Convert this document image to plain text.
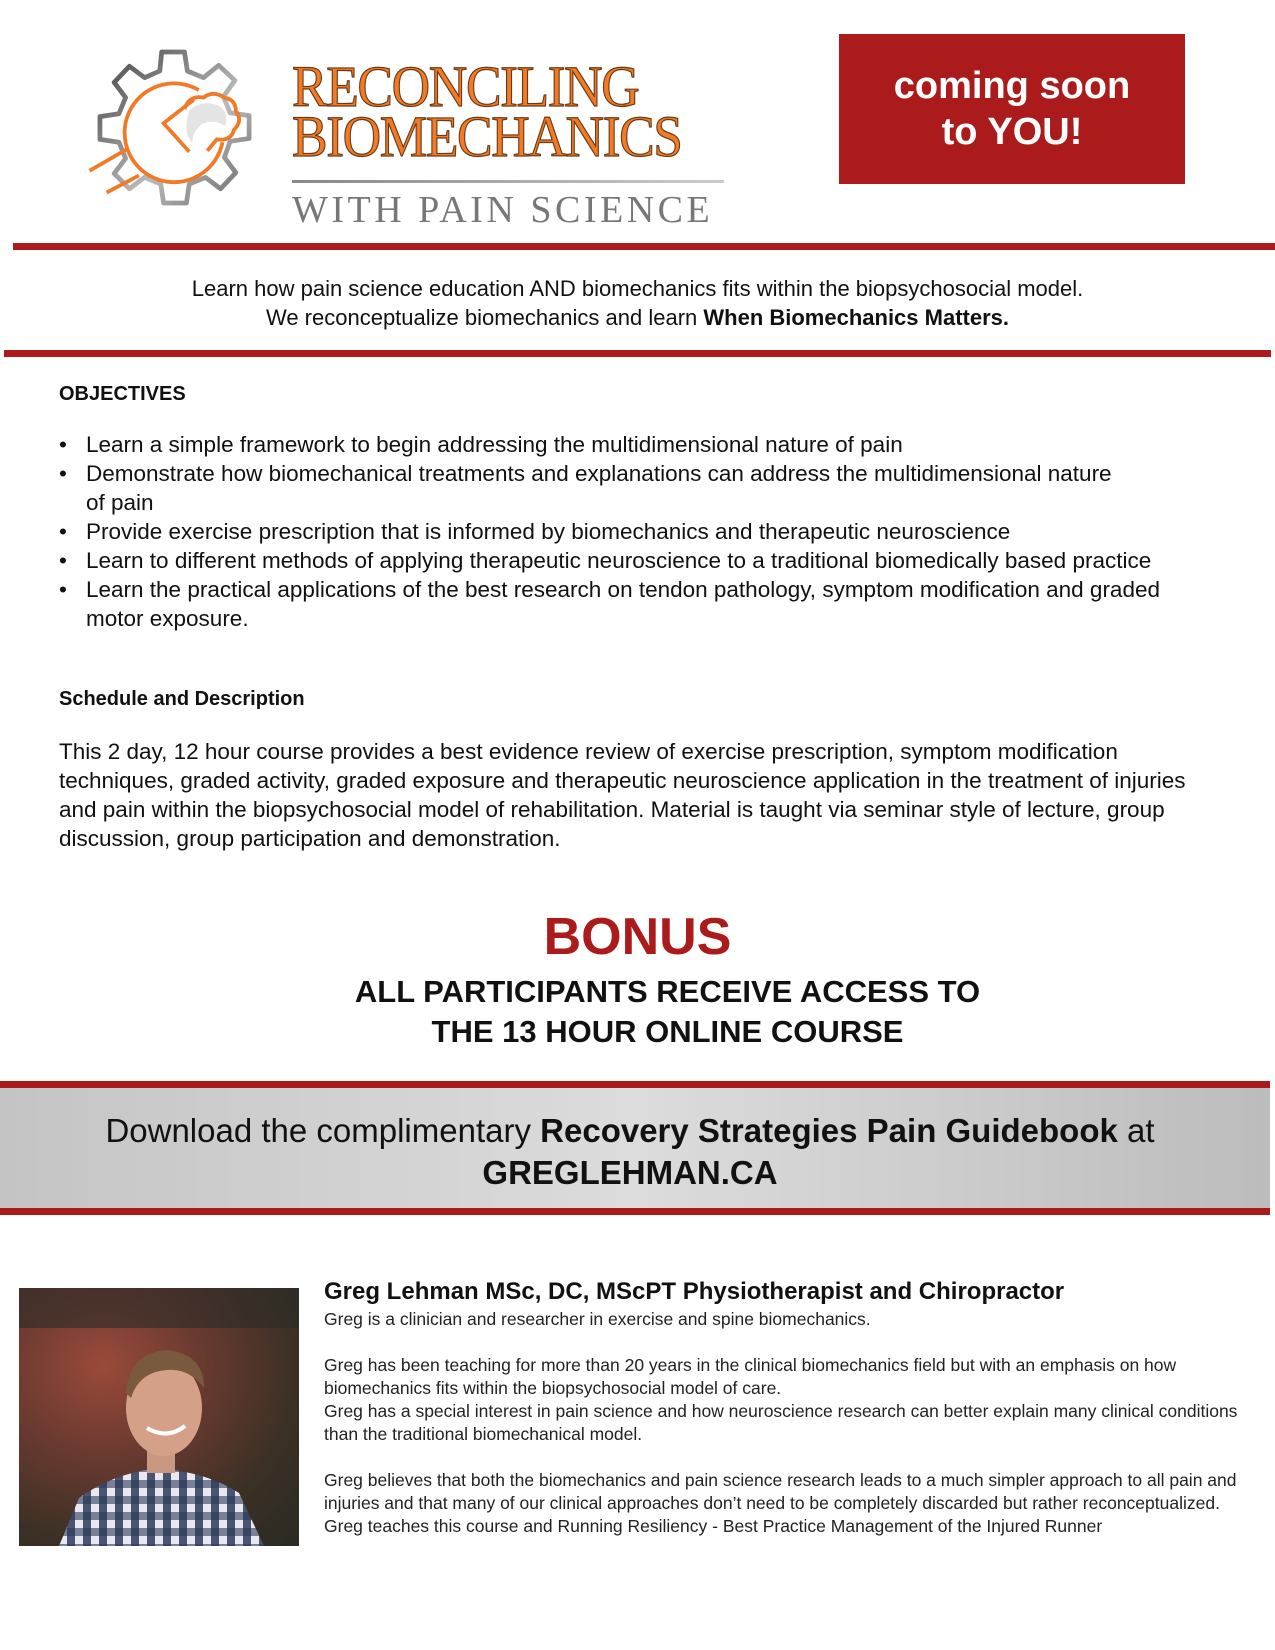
RECONCILING
BIOMECHANICS
WITH PAIN SCIENCE
coming soon
to YOU!
Learn how pain science education AND biomechanics fits within the biopsychosocial model.
We reconceptualize biomechanics and learn When Biomechanics Matters.
OBJECTIVES
• Learn a simple framework to begin addressing the multidimensional nature of pain
• Demonstrate how biomechanical treatments and explanations can address the multidimensional nature of pain
• Provide exercise prescription that is informed by biomechanics and therapeutic neuroscience
• Learn to different methods of applying therapeutic neuroscience to a traditional biomedically based practice
• Learn the practical applications of the best research on tendon pathology, symptom modification and graded motor exposure.
Schedule and Description
This 2 day, 12 hour course provides a best evidence review of exercise prescription, symptom modification techniques, graded activity, graded exposure and therapeutic neuroscience application in the treatment of injuries and pain within the biopsychosocial model of rehabilitation. Material is taught via seminar style of lecture, group discussion, group participation and demonstration.
BONUS
ALL PARTICIPANTS RECEIVE ACCESS TO
THE 13 HOUR ONLINE COURSE
Download the complimentary Recovery Strategies Pain Guidebook at
GREGLEHMAN.CA
Greg Lehman MSc, DC, MScPT Physiotherapist and Chiropractor

Greg is a clinician and researcher in exercise and spine biomechanics.

Greg has been teaching for more than 20 years in the clinical biomechanics field but with an emphasis on how biomechanics fits within the biopsychosocial model of care.

Greg has a special interest in pain science and how neuroscience research can better explain many clinical conditions than the traditional biomechanical model.

Greg believes that both the biomechanics and pain science research leads to a much simpler approach to all pain and injuries and that many of our clinical approaches don’t need to be completely discarded but rather reconceptualized. Greg teaches this course and Running Resiliency - Best Practice Management of the Injured Runner
